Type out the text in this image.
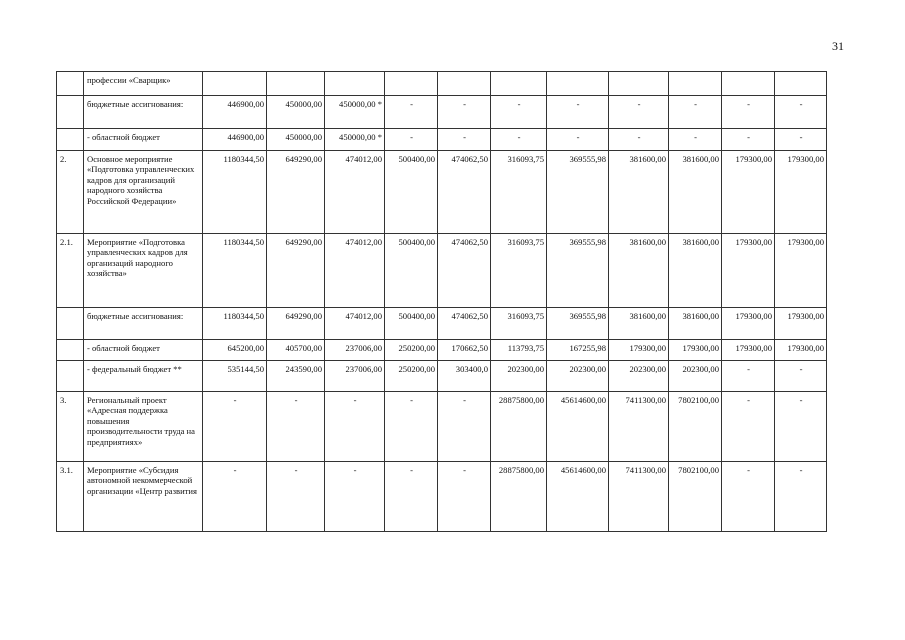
31
	профессии «Сварщик»											
	бюджетные ассигнования:	446900,00	450000,00	450000,00 *	-	-	-	-	-	-	-	-
	- областной бюджет	446900,00	450000,00	450000,00 *	-	-	-	-	-	-	-	-
2.	Основное мероприятие «Подготовка управленческих кадров для организаций народного хозяйства Российской Федерации»	1180344,50	649290,00	474012,00	500400,00	474062,50	316093,75	369555,98	381600,00	381600,00	179300,00	179300,00
2.1.	Мероприятие «Подготовка управленческих кадров для организаций народного хозяйства»	1180344,50	649290,00	474012,00	500400,00	474062,50	316093,75	369555,98	381600,00	381600,00	179300,00	179300,00
	бюджетные ассигнования:	1180344,50	649290,00	474012,00	500400,00	474062,50	316093,75	369555,98	381600,00	381600,00	179300,00	179300,00
	- областной бюджет	645200,00	405700,00	237006,00	250200,00	170662,50	113793,75	167255,98	179300,00	179300,00	179300,00	179300,00
	- федеральный бюджет **	535144,50	243590,00	237006,00	250200,00	303400,0	202300,00	202300,00	202300,00	202300,00	-	-
3.	Региональный проект «Адресная поддержка повышения производительности труда на предприятиях»	-	-	-	-	-	28875800,00	45614600,00	7411300,00	7802100,00	-	-
3.1.	Мероприятие «Субсидия автономной некоммерческой организации «Центр развития	-	-	-	-	-	28875800,00	45614600,00	7411300,00	7802100,00	-	-
